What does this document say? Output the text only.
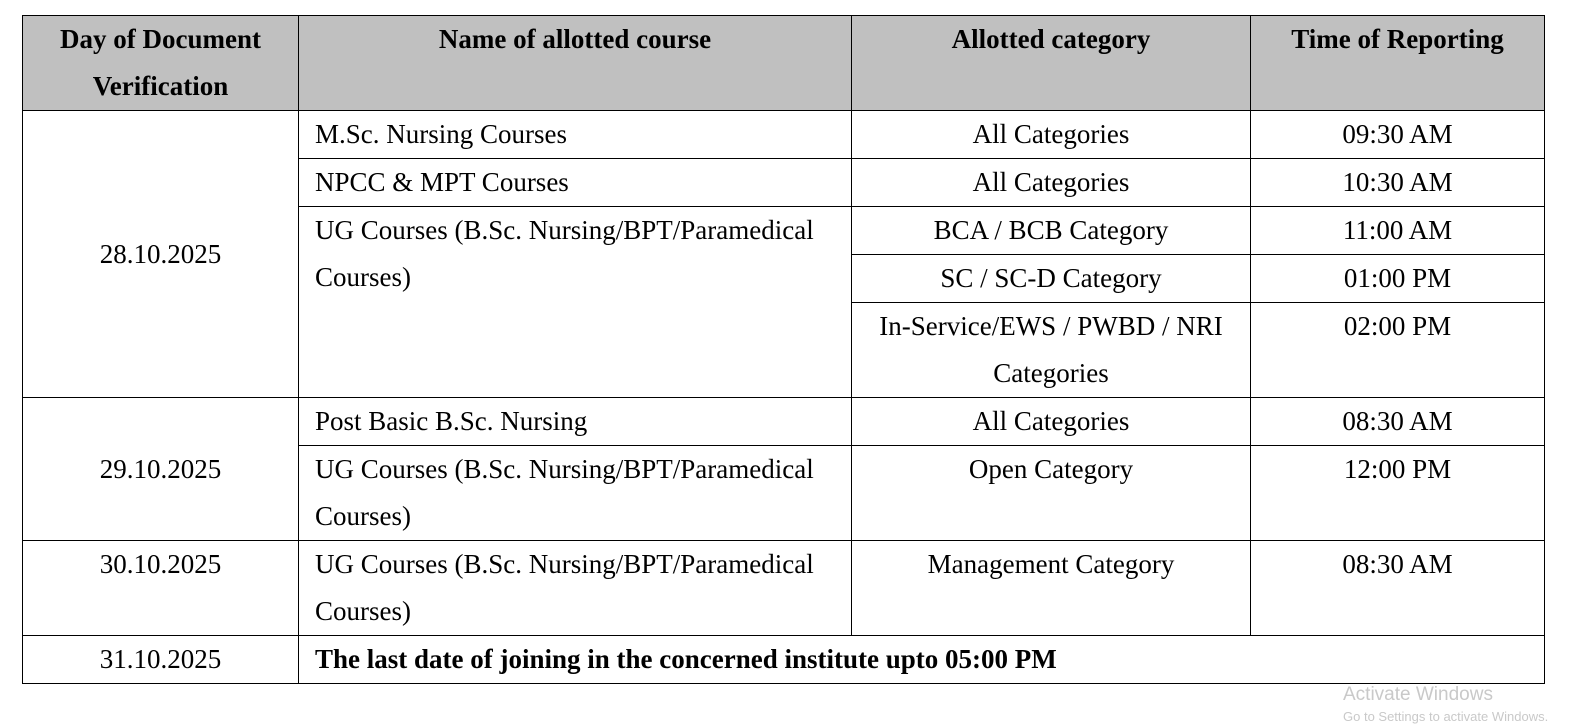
Day of Document Verification	Name of allotted course	Allotted category	Time of Reporting
28.10.2025	M.Sc. Nursing Courses	All Categories	09:30 AM
	NPCC & MPT Courses	All Categories	10:30 AM
	UG Courses (B.Sc. Nursing/BPT/Paramedical Courses)	BCA / BCB Category	11:00 AM
		SC / SC-D Category	01:00 PM
		In-Service/EWS / PWBD / NRI Categories	02:00 PM
29.10.2025	Post Basic B.Sc. Nursing	All Categories	08:30 AM
	UG Courses (B.Sc. Nursing/BPT/Paramedical Courses)	Open Category	12:00 PM
30.10.2025	UG Courses (B.Sc. Nursing/BPT/Paramedical Courses)	Management Category	08:30 AM
31.10.2025	The last date of joining in the concerned institute upto 05:00 PM		
Activate Windows
Go to Settings to activate Windows.
